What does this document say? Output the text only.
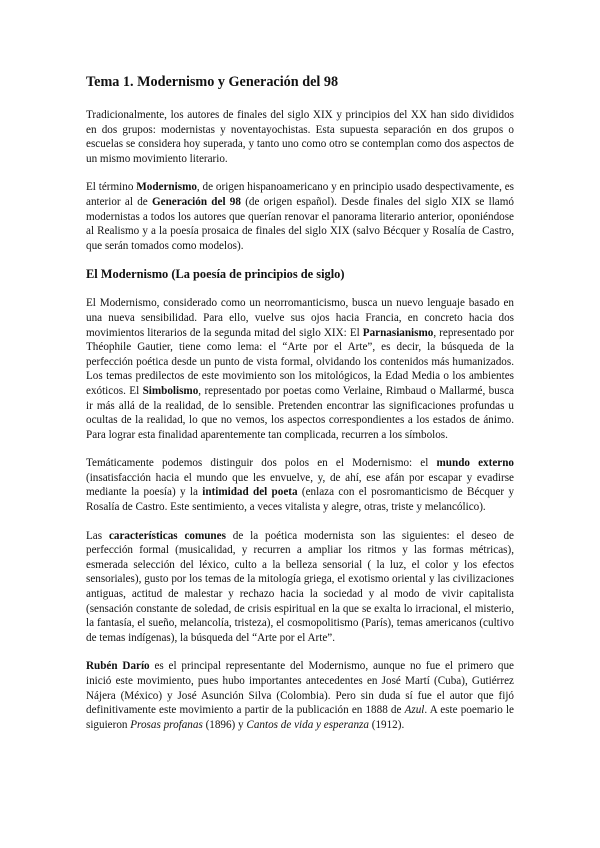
Tema 1. Modernismo y Generación del 98

Tradicionalmente, los autores de finales del siglo XIX y principios del XX han sido divididos en dos grupos: modernistas y noventayochistas. Esta supuesta separación en dos grupos o escuelas se considera hoy superada, y tanto uno como otro se contemplan como dos aspectos de un mismo movimiento literario.

El término Modernismo, de origen hispanoamericano y en principio usado despectivamente, es anterior al de Generación del 98 (de origen español). Desde finales del siglo XIX se llamó modernistas a todos los autores que querían renovar el panorama literario anterior, oponiéndose al Realismo y a la poesía prosaica de finales del siglo XIX (salvo Bécquer y Rosalía de Castro, que serán tomados como modelos).

El Modernismo (La poesía de principios de siglo)

El Modernismo, considerado como un neorromanticismo, busca un nuevo lenguaje basado en una nueva sensibilidad. Para ello, vuelve sus ojos hacia Francia, en concreto hacia dos movimientos literarios de la segunda mitad del siglo XIX: El Parnasianismo, representado por Théophile Gautier, tiene como lema: el “Arte por el Arte”, es decir, la búsqueda de la perfección poética desde un punto de vista formal, olvidando los contenidos más humanizados. Los temas predilectos de este movimiento son los mitológicos, la Edad Media o los ambientes exóticos. El Simbolismo, representado por poetas como Verlaine, Rimbaud o Mallarmé, busca ir más allá de la realidad, de lo sensible. Pretenden encontrar las significaciones profundas u ocultas de la realidad, lo que no vemos, los aspectos correspondientes a los estados de ánimo. Para lograr esta finalidad aparentemente tan complicada, recurren a los símbolos.

Temáticamente podemos distinguir dos polos en el Modernismo: el mundo externo (insatisfacción hacia el mundo que les envuelve, y, de ahí, ese afán por escapar y evadirse mediante la poesía) y la intimidad del poeta (enlaza con el posromanticismo de Bécquer y Rosalía de Castro. Este sentimiento, a veces vitalista y alegre, otras, triste y melancólico).

Las características comunes de la poética modernista son las siguientes: el deseo de perfección formal (musicalidad, y recurren a ampliar los ritmos y las formas métricas), esmerada selección del léxico, culto a la belleza sensorial ( la luz, el color y los efectos sensoriales), gusto por los temas de la mitología griega, el exotismo oriental y las civilizaciones antiguas, actitud de malestar y rechazo hacia la sociedad y al modo de vivir capitalista (sensación constante de soledad, de crisis espiritual en la que se exalta lo irracional, el misterio, la fantasía, el sueño, melancolía, tristeza), el cosmopolitismo (París), temas americanos (cultivo de temas indígenas), la búsqueda del “Arte por el Arte”.

Rubén Darío es el principal representante del Modernismo, aunque no fue el primero que inició este movimiento, pues hubo importantes antecedentes en José Martí (Cuba), Gutiérrez Nájera (México) y José Asunción Silva (Colombia). Pero sin duda sí fue el autor que fijó definitivamente este movimiento a partir de la publicación en 1888 de Azul. A este poemario le siguieron Prosas profanas (1896) y Cantos de vida y esperanza (1912).
